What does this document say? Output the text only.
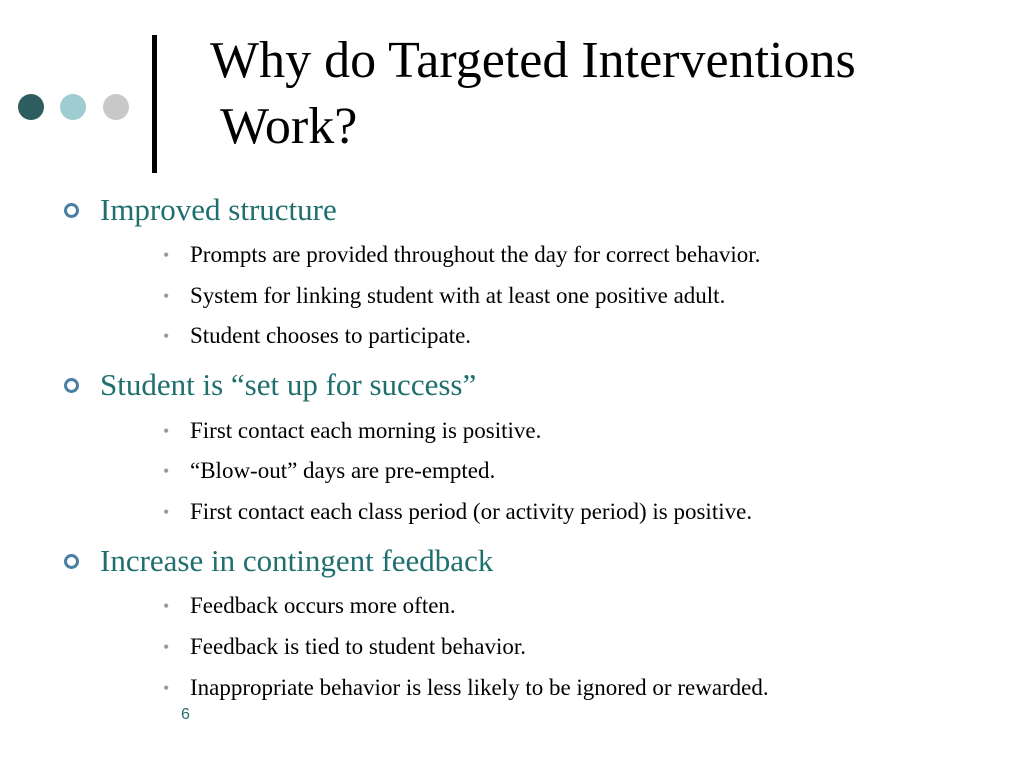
Why do Targeted Interventions
Work?
Improved structure
• Prompts are provided throughout the day for correct behavior.
• System for linking student with at least one positive adult.
• Student chooses to participate.
Student is “set up for success”
• First contact each morning is positive.
• “Blow-out” days are pre-empted.
• First contact each class period (or activity period) is positive.
Increase in contingent feedback
• Feedback occurs more often.
• Feedback is tied to student behavior.
• Inappropriate behavior is less likely to be ignored or rewarded.
6
